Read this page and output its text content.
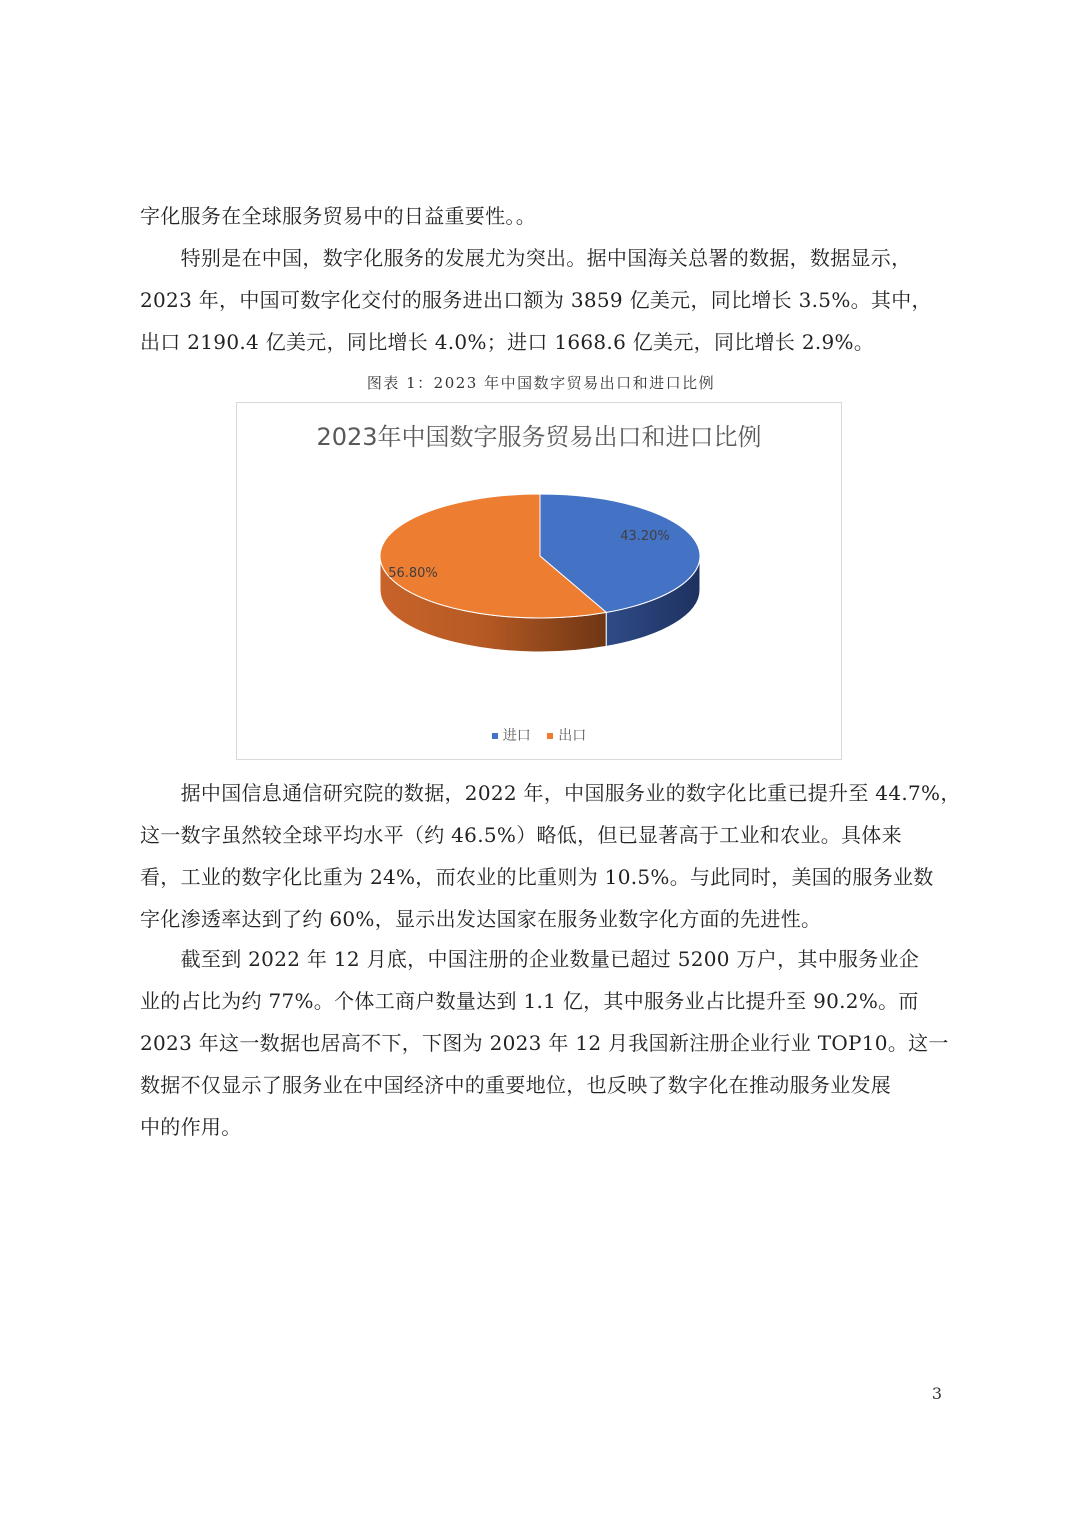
字化服务在全球服务贸易中的日益重要性。。
　　特别是在中国，数字化服务的发展尤为突出。据中国海关总署的数据，数据显示，
2023 年，中国可数字化交付的服务进出口额为 3859 亿美元，同比增长 3.5%。其中，
出口 2190.4 亿美元，同比增长 4.0%；进口 1668.6 亿美元，同比增长 2.9%。
图表 1：2023 年中国数字贸易出口和进口比例
2023年中国数字服务贸易出口和进口比例
43.20%
56.80%
进口 出口
　　据中国信息通信研究院的数据，2022 年，中国服务业的数字化比重已提升至 44.7%，
这一数字虽然较全球平均水平（约 46.5%）略低，但已显著高于工业和农业。具体来
看，工业的数字化比重为 24%，而农业的比重则为 10.5%。与此同时，美国的服务业数
字化渗透率达到了约 60%，显示出发达国家在服务业数字化方面的先进性。
　　截至到 2022 年 12 月底，中国注册的企业数量已超过 5200 万户，其中服务业企
业的占比为约 77%。个体工商户数量达到 1.1 亿，其中服务业占比提升至 90.2%。而
2023 年这一数据也居高不下，下图为 2023 年 12 月我国新注册企业行业 TOP10。这一
数据不仅显示了服务业在中国经济中的重要地位，也反映了数字化在推动服务业发展
中的作用。
3
